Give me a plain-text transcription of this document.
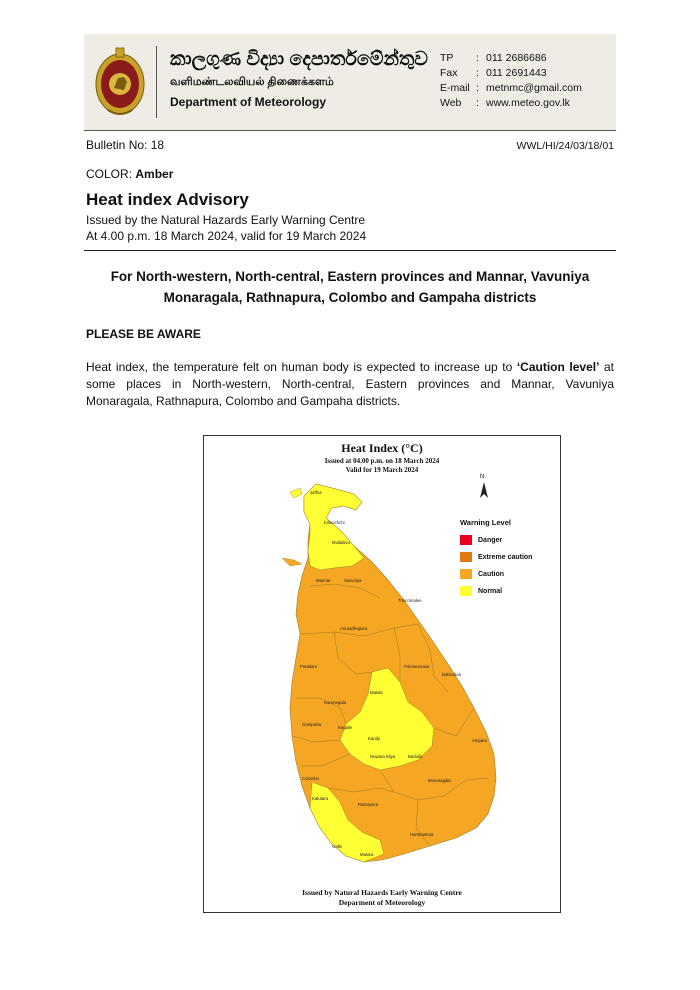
කාලගුණ විද්‍යා දෙපාර්තමේන්තුව
வளிமண்டலவியல் திணைக்களம்
Department of Meteorology
TP	: 011 2686686
Fax	: 011 2691443
E-mail : metnmc@gmail.com
Web	: www.meteo.gov.lk
Bulletin No: 18	WWL/HI/24/03/18/01
COLOR: Amber
Heat index Advisory
Issued by the Natural Hazards Early Warning Centre
At 4.00 p.m. 18 March 2024, valid for 19 March 2024
For North-western, North-central, Eastern provinces and Mannar, Vavuniya Monaragala, Rathnapura, Colombo and Gampaha districts
PLEASE BE AWARE
Heat index, the temperature felt on human body is expected to increase up to ‘Caution level’ at some places in North-western, North-central, Eastern provinces and Mannar, Vavuniya Monaragala, Rathnapura, Colombo and Gampaha districts.
Jaffna
Kilinochchi
Mullaitivu
Mannar	Vavuniya
Trincomalee
Anuradhapura
Puttalam	Polonnaruwa
Batticaloa
Kurunegala
Matale
Kandy	Ampara
Gampaha
Kegalle
Nuwara Eliya	Badulla
Colombo	Monaragala
Kalutara
Ratnapura
Hambantota
Galle
Matara
Heat Index (°C)
Issued at 04.00 p.m. on 18 March 2024
Valid for 19 March 2024
N
Warning Level
Danger
Extreme caution
Caution
Normal
Issued by Natural Hazards Early Warning Centre
Deparment of Meteorology
